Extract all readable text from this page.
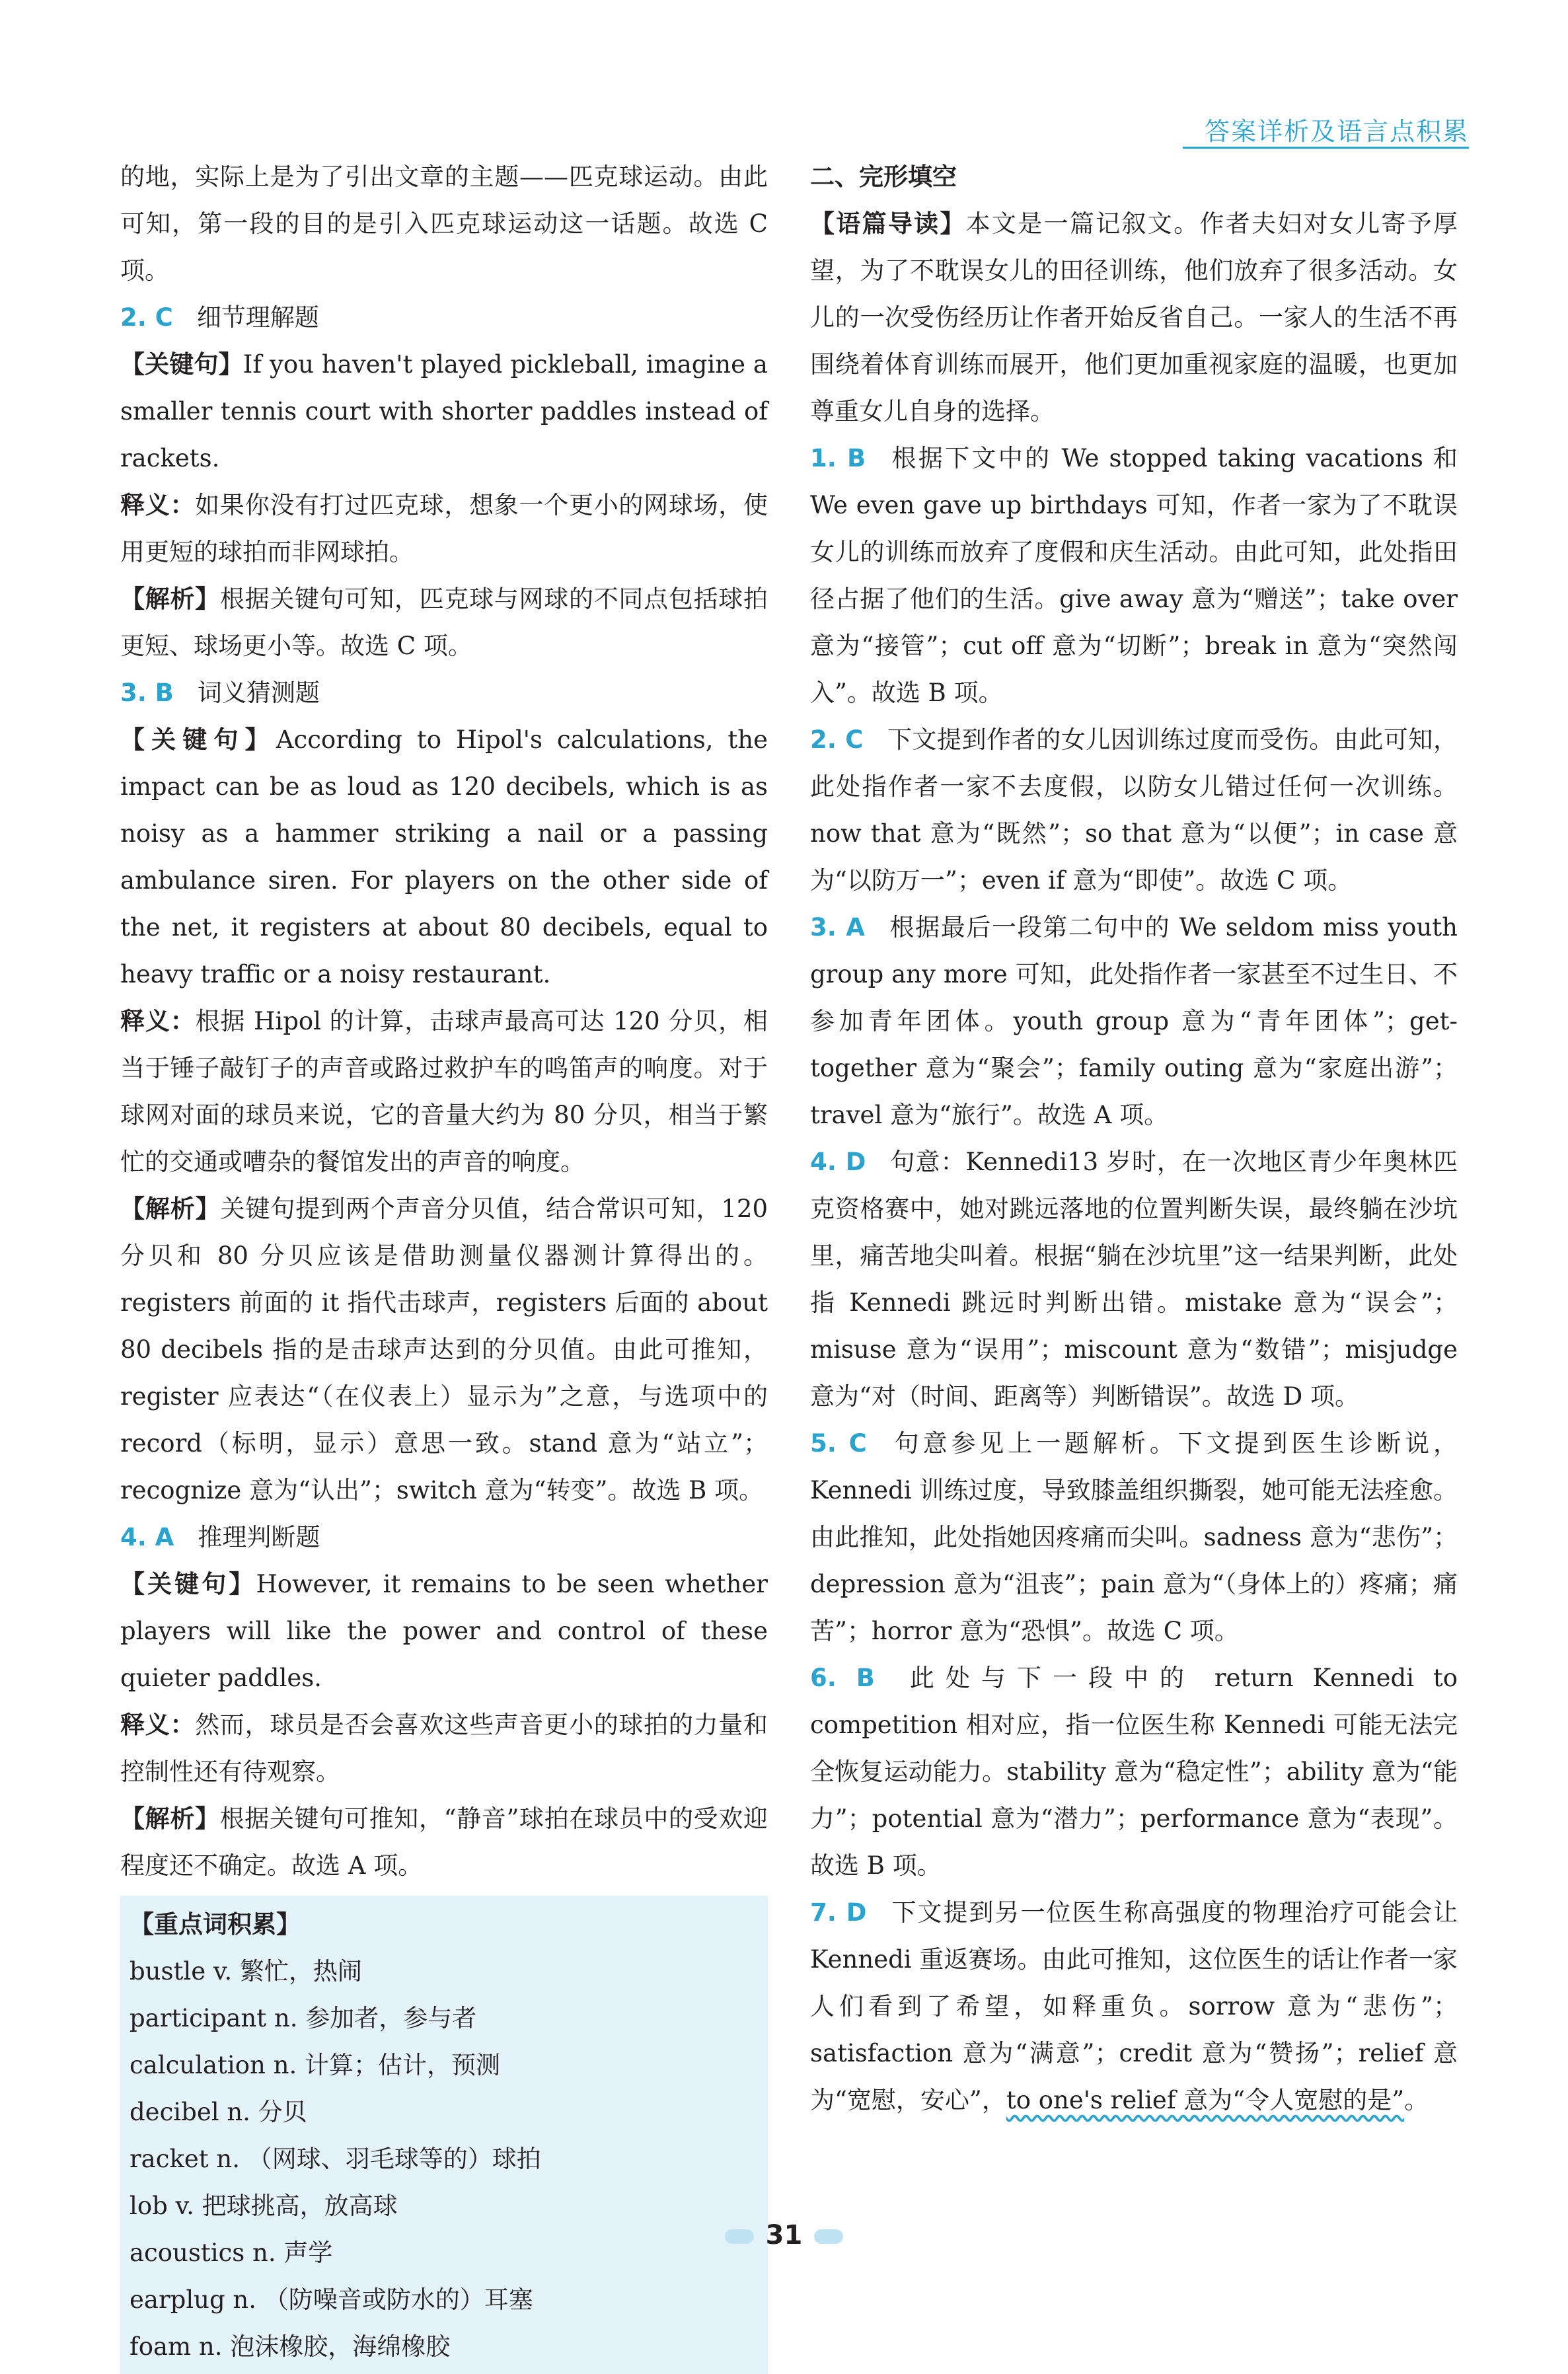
答案详析及语言点积累

的地，实际上是为了引出文章的主题——匹克球运动。由此可知，第一段的目的是引入匹克球运动这一话题。故选 C 项。

2. C 细节理解题

【关键句】If you haven't played pickleball, imagine a smaller tennis court with shorter paddles instead of rackets.

释义：如果你没有打过匹克球，想象一个更小的网球场，使用更短的球拍而非网球拍。

【解析】根据关键句可知，匹克球与网球的不同点包括球拍更短、球场更小等。故选 C 项。

3. B 词义猜测题

【关键句】According to Hipol's calculations, the impact can be as loud as 120 decibels, which is as noisy as a hammer striking a nail or a passing ambulance siren. For players on the other side of the net, it registers at about 80 decibels, equal to heavy traffic or a noisy restaurant.

释义：根据 Hipol 的计算，击球声最高可达 120 分贝，相当于锤子敲钉子的声音或路过救护车的鸣笛声的响度。对于球网对面的球员来说，它的音量大约为 80 分贝，相当于繁忙的交通或嘈杂的餐馆发出的声音的响度。

【解析】关键句提到两个声音分贝值，结合常识可知，120 分贝和 80 分贝应该是借助测量仪器测计算得出的。registers 前面的 it 指代击球声，registers 后面的 about 80 decibels 指的是击球声达到的分贝值。由此可推知，register 应表达“（在仪表上）显示为”之意，与选项中的 record（标明，显示）意思一致。stand 意为“站立”；recognize 意为“认出”；switch 意为“转变”。故选 B 项。

4. A 推理判断题

【关键句】However, it remains to be seen whether players will like the power and control of these quieter paddles.

释义：然而，球员是否会喜欢这些声音更小的球拍的力量和控制性还有待观察。

【解析】根据关键句可推知，“静音”球拍在球员中的受欢迎程度还不确定。故选 A 项。

【重点词积累】
bustle v. 繁忙，热闹
participant n. 参加者，参与者
calculation n. 计算；估计，预测
decibel n. 分贝
racket n. （网球、羽毛球等的）球拍
lob v. 把球挑高，放高球
acoustics n. 声学
earplug n. （防噪音或防水的）耳塞
foam n. 泡沫橡胶，海绵橡胶

二、完形填空

【语篇导读】本文是一篇记叙文。作者夫妇对女儿寄予厚望，为了不耽误女儿的田径训练，他们放弃了很多活动。女儿的一次受伤经历让作者开始反省自己。一家人的生活不再围绕着体育训练而展开，他们更加重视家庭的温暖，也更加尊重女儿自身的选择。

1. B 根据下文中的 We stopped taking vacations 和 We even gave up birthdays 可知，作者一家为了不耽误女儿的训练而放弃了度假和庆生活动。由此可知，此处指田径占据了他们的生活。give away 意为“赠送”；take over 意为“接管”；cut off 意为“切断”；break in 意为“突然闯入”。故选 B 项。

2. C 下文提到作者的女儿因训练过度而受伤。由此可知，此处指作者一家不去度假，以防女儿错过任何一次训练。now that 意为“既然”；so that 意为“以便”；in case 意为“以防万一”；even if 意为“即使”。故选 C 项。

3. A 根据最后一段第二句中的 We seldom miss youth group any more 可知，此处指作者一家甚至不过生日、不参加青年团体。youth group 意为“青年团体”；get-together 意为“聚会”；family outing 意为“家庭出游”；travel 意为“旅行”。故选 A 项。

4. D 句意：Kennedi13 岁时，在一次地区青少年奥林匹克资格赛中，她对跳远落地的位置判断失误，最终躺在沙坑里，痛苦地尖叫着。根据“躺在沙坑里”这一结果判断，此处指 Kennedi 跳远时判断出错。mistake 意为“误会”；misuse 意为“误用”；miscount 意为“数错”；misjudge 意为“对（时间、距离等）判断错误”。故选 D 项。

5. C 句意参见上一题解析。下文提到医生诊断说，Kennedi 训练过度，导致膝盖组织撕裂，她可能无法痊愈。由此推知，此处指她因疼痛而尖叫。sadness 意为“悲伤”；depression 意为“沮丧”；pain 意为“（身体上的）疼痛；痛苦”；horror 意为“恐惧”。故选 C 项。

6. B 此处与下一段中的 return Kennedi to competition 相对应，指一位医生称 Kennedi 可能无法完全恢复运动能力。stability 意为“稳定性”；ability 意为“能力”；potential 意为“潜力”；performance 意为“表现”。故选 B 项。

7. D 下文提到另一位医生称高强度的物理治疗可能会让 Kennedi 重返赛场。由此可推知，这位医生的话让作者一家人们看到了希望，如释重负。sorrow 意为“悲伤”；satisfaction 意为“满意”；credit 意为“赞扬”；relief 意为“宽慰，安心”，to one's relief 意为“令人宽慰的是”。

31
